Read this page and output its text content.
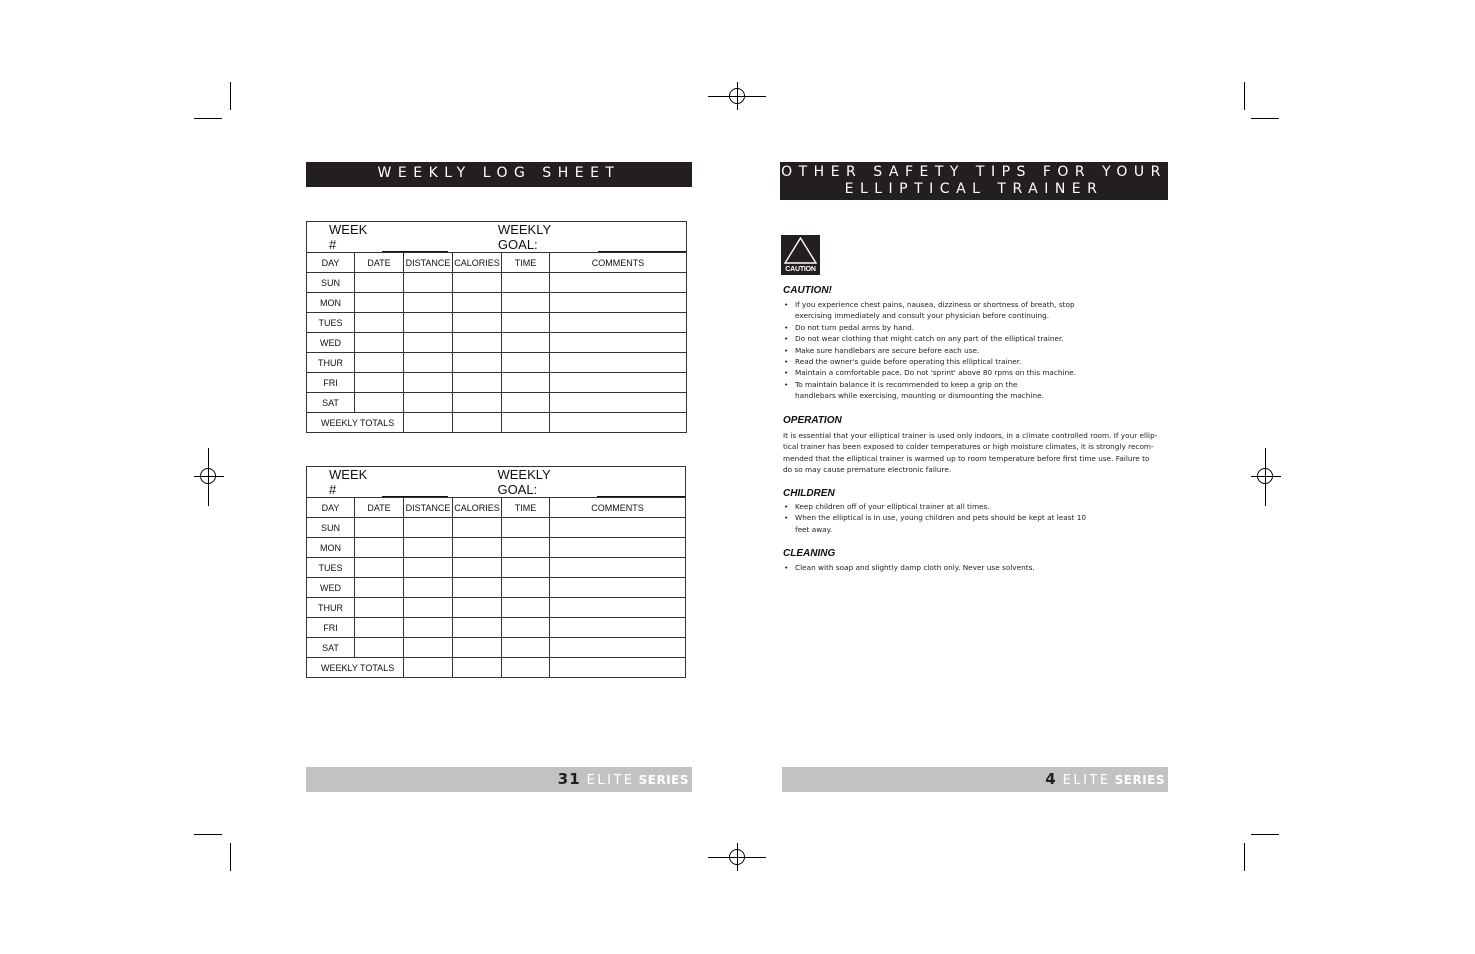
WEEKLY LOG SHEET
WEEK #
WEEKLY GOAL:					

DAY	DATE	DISTANCE	CALORIES	TIME	COMMENTS
SUN					
MON					
TUES					
WED					
THUR					
FRI					
SAT					
WEEKLY TOTALS					
WEEK #
WEEKLY GOAL:					

DAY	DATE	DISTANCE	CALORIES	TIME	COMMENTS
SUN					
MON					
TUES					
WED					
THUR					
FRI					
SAT					
WEEKLY TOTALS					
31 ELITE SERIES
OTHER SAFETY TIPS FOR YOUR
ELLIPTICAL TRAINER
CAUTION
CAUTION!
• If you experience chest pains, nausea, dizziness or shortness of breath, stop
exercising immediately and consult your physician before continuing.
• Do not turn pedal arms by hand.
• Do not wear clothing that might catch on any part of the elliptical trainer.
• Make sure handlebars are secure before each use.
• Read the owner's guide before operating this elliptical trainer.
• Maintain a comfortable pace. Do not 'sprint' above 80 rpms on this machine.
• To maintain balance it is recommended to keep a grip on the
handlebars while exercising, mounting or dismounting the machine.
OPERATION
It is essential that your elliptical trainer is used only indoors, in a climate controlled room. If your ellip-
tical trainer has been exposed to colder temperatures or high moisture climates, it is strongly recom-
mended that the elliptical trainer is warmed up to room temperature before first time use. Failure to
do so may cause premature electronic failure.
CHILDREN
• Keep children off of your elliptical trainer at all times.
• When the elliptical is in use, young children and pets should be kept at least 10
feet away.
CLEANING
• Clean with soap and slightly damp cloth only. Never use solvents.
4 ELITE SERIES
